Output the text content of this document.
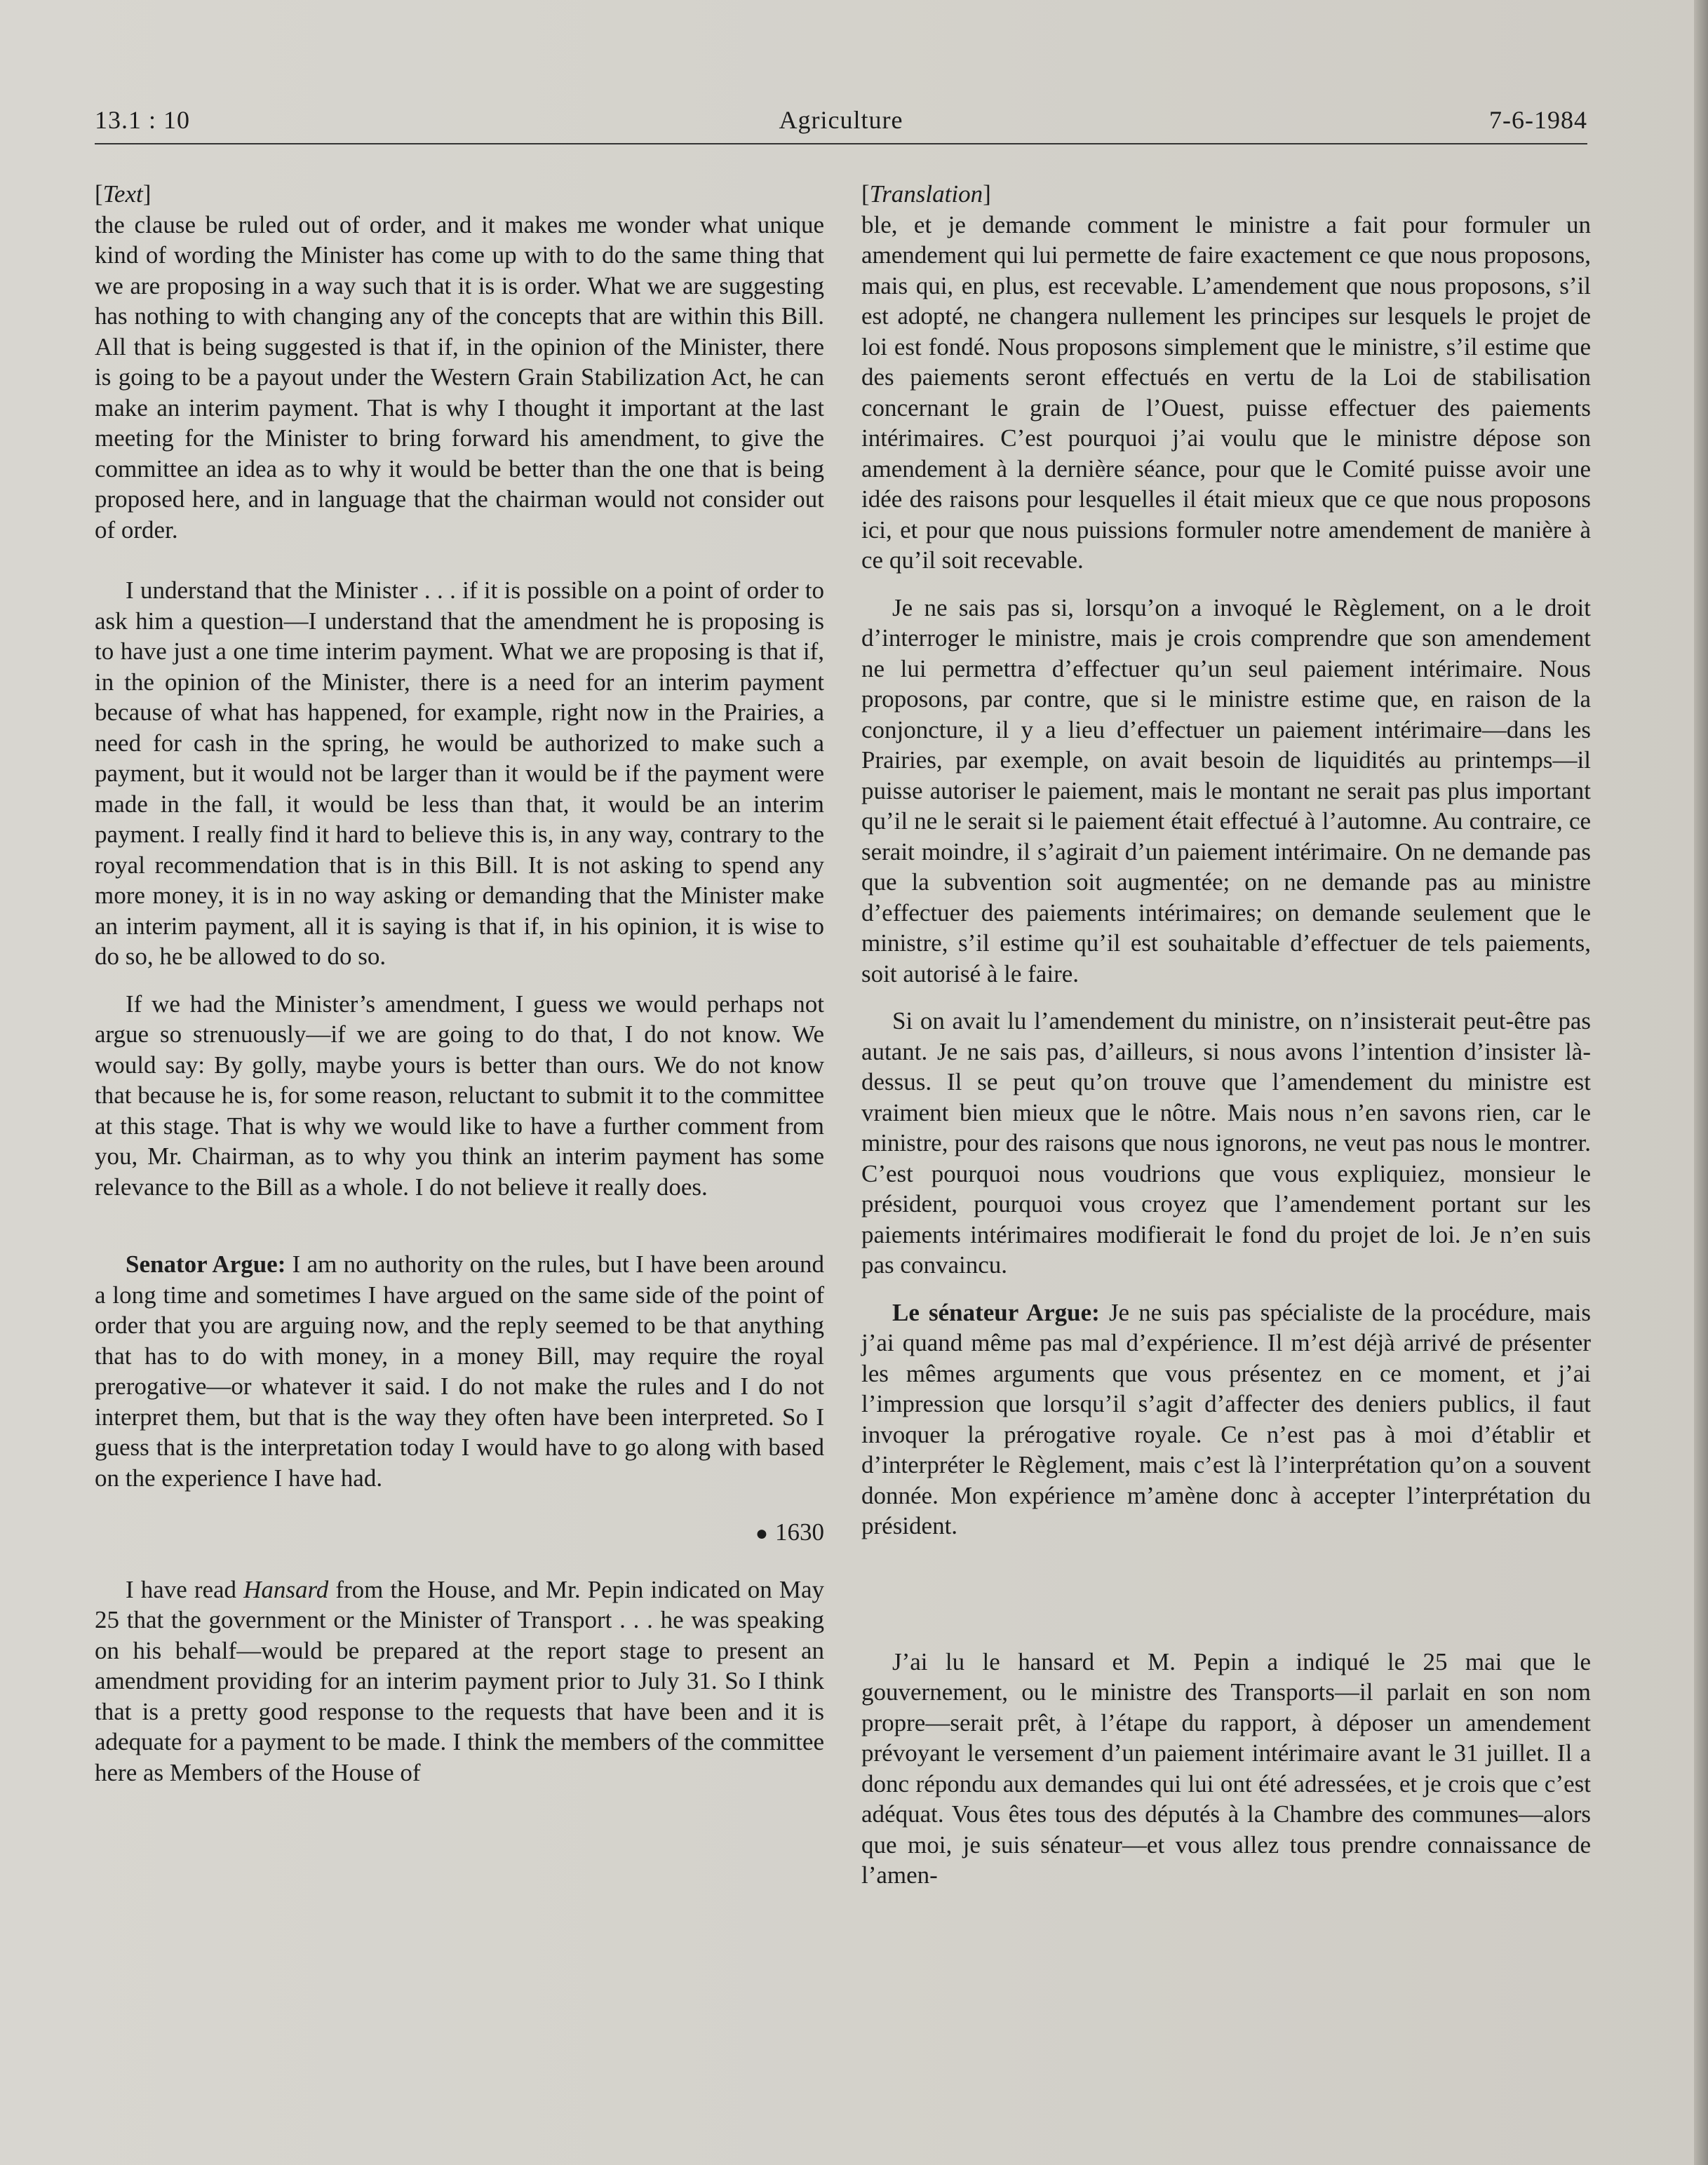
13.1 : 10	Agriculture	7-6-1984

[Text]

the clause be ruled out of order, and it makes me wonder what unique kind of wording the Minister has come up with to do the same thing that we are proposing in a way such that it is is order. What we are suggesting has nothing to with changing any of the concepts that are within this Bill. All that is being suggested is that if, in the opinion of the Minister, there is going to be a payout under the Western Grain Stabilization Act, he can make an interim payment. That is why I thought it important at the last meeting for the Minister to bring forward his amendment, to give the committee an idea as to why it would be better than the one that is being proposed here, and in language that the chairman would not consider out of order.

I understand that the Minister . . . if it is possible on a point of order to ask him a question—I understand that the amendment he is proposing is to have just a one time interim payment. What we are proposing is that if, in the opinion of the Minister, there is a need for an interim payment because of what has happened, for example, right now in the Prairies, a need for cash in the spring, he would be authorized to make such a payment, but it would not be larger than it would be if the payment were made in the fall, it would be less than that, it would be an interim payment. I really find it hard to believe this is, in any way, contrary to the royal recommendation that is in this Bill. It is not asking to spend any more money, it is in no way asking or demanding that the Minister make an interim payment, all it is saying is that if, in his opinion, it is wise to do so, he be allowed to do so.

If we had the Minister’s amendment, I guess we would perhaps not argue so strenuously—if we are going to do that, I do not know. We would say: By golly, maybe yours is better than ours. We do not know that because he is, for some reason, reluctant to submit it to the committee at this stage. That is why we would like to have a further comment from you, Mr. Chairman, as to why you think an interim payment has some relevance to the Bill as a whole. I do not believe it really does.

Senator Argue: I am no authority on the rules, but I have been around a long time and sometimes I have argued on the same side of the point of order that you are arguing now, and the reply seemed to be that anything that has to do with money, in a money Bill, may require the royal prerogative—or whatever it said. I do not make the rules and I do not interpret them, but that is the way they often have been interpreted. So I guess that is the interpretation today I would have to go along with based on the experience I have had.

● 1630

I have read Hansard from the House, and Mr. Pepin indicated on May 25 that the government or the Minister of Transport . . . he was speaking on his behalf—would be prepared at the report stage to present an amendment providing for an interim payment prior to July 31. So I think that is a pretty good response to the requests that have been and it is adequate for a payment to be made. I think the members of the committee here as Members of the House of

[Translation]

ble, et je demande comment le ministre a fait pour formuler un amendement qui lui permette de faire exactement ce que nous proposons, mais qui, en plus, est recevable. L’amendement que nous proposons, s’il est adopté, ne changera nullement les principes sur lesquels le projet de loi est fondé. Nous proposons simplement que le ministre, s’il estime que des paiements seront effectués en vertu de la Loi de stabilisation concernant le grain de l’Ouest, puisse effectuer des paiements intérimaires. C’est pourquoi j’ai voulu que le ministre dépose son amendement à la dernière séance, pour que le Comité puisse avoir une idée des raisons pour lesquelles il était mieux que ce que nous proposons ici, et pour que nous puissions formuler notre amendement de manière à ce qu’il soit recevable.

Je ne sais pas si, lorsqu’on a invoqué le Règlement, on a le droit d’interroger le ministre, mais je crois comprendre que son amendement ne lui permettra d’effectuer qu’un seul paiement intérimaire. Nous proposons, par contre, que si le ministre estime que, en raison de la conjoncture, il y a lieu d’effectuer un paiement intérimaire—dans les Prairies, par exemple, on avait besoin de liquidités au printemps—il puisse autoriser le paiement, mais le montant ne serait pas plus important qu’il ne le serait si le paiement était effectué à l’automne. Au contraire, ce serait moindre, il s’agirait d’un paiement intérimaire. On ne demande pas que la subvention soit augmentée; on ne demande pas au ministre d’effectuer des paiements intérimaires; on demande seulement que le ministre, s’il estime qu’il est souhaitable d’effectuer de tels paiements, soit autorisé à le faire.

Si on avait lu l’amendement du ministre, on n’insisterait peut-être pas autant. Je ne sais pas, d’ailleurs, si nous avons l’intention d’insister là-dessus. Il se peut qu’on trouve que l’amendement du ministre est vraiment bien mieux que le nôtre. Mais nous n’en savons rien, car le ministre, pour des raisons que nous ignorons, ne veut pas nous le montrer. C’est pourquoi nous voudrions que vous expliquiez, monsieur le président, pourquoi vous croyez que l’amendement portant sur les paiements intérimaires modifierait le fond du projet de loi. Je n’en suis pas convaincu.

Le sénateur Argue: Je ne suis pas spécialiste de la procédure, mais j’ai quand même pas mal d’expérience. Il m’est déjà arrivé de présenter les mêmes arguments que vous présentez en ce moment, et j’ai l’impression que lorsqu’il s’agit d’affecter des deniers publics, il faut invoquer la prérogative royale. Ce n’est pas à moi d’établir et d’interpréter le Règlement, mais c’est là l’interprétation qu’on a souvent donnée. Mon expérience m’amène donc à accepter l’interprétation du président.

J’ai lu le hansard et M. Pepin a indiqué le 25 mai que le gouvernement, ou le ministre des Transports—il parlait en son nom propre—serait prêt, à l’étape du rapport, à déposer un amendement prévoyant le versement d’un paiement intérimaire avant le 31 juillet. Il a donc répondu aux demandes qui lui ont été adressées, et je crois que c’est adéquat. Vous êtes tous des députés à la Chambre des communes—alors que moi, je suis sénateur—et vous allez tous prendre connaissance de l’amen-
